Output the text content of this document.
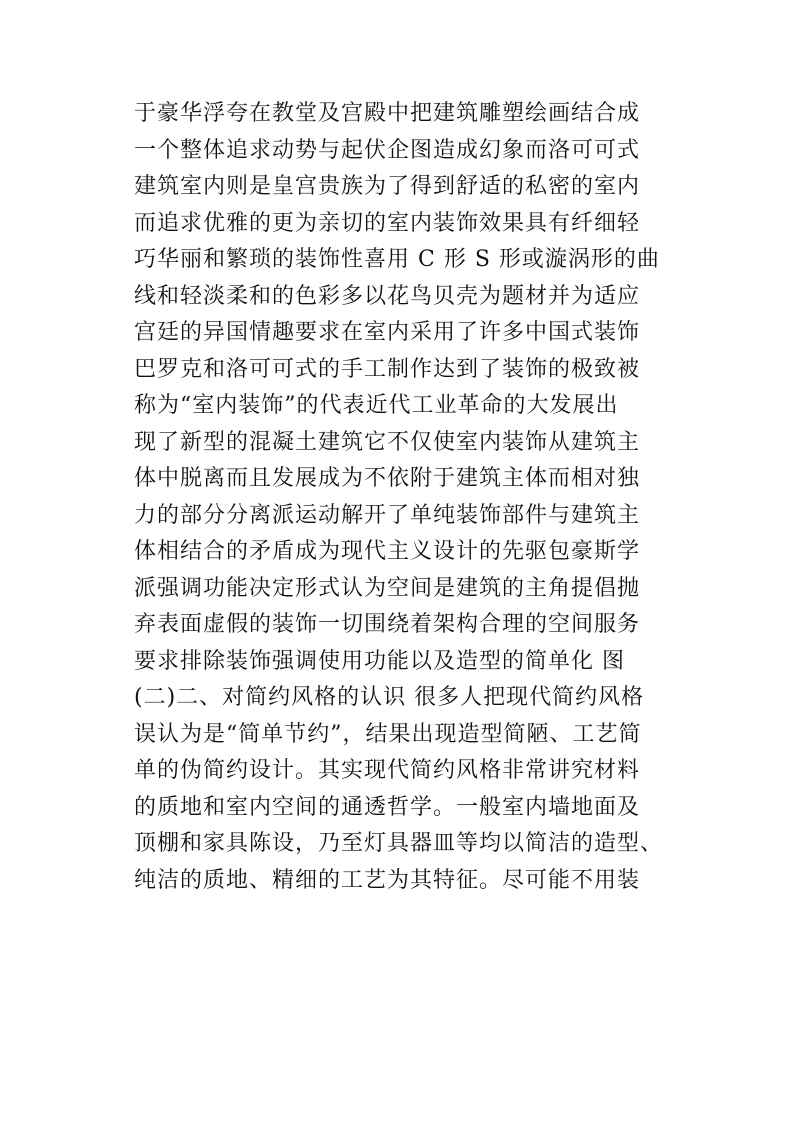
于豪华浮夸在教堂及宫殿中把建筑雕塑绘画结合成
一个整体追求动势与起伏企图造成幻象而洛可可式
建筑室内则是皇宫贵族为了得到舒适的私密的室内
而追求优雅的更为亲切的室内装饰效果具有纤细轻
巧华丽和繁琐的装饰性喜用 C 形 S 形或漩涡形的曲
线和轻淡柔和的色彩多以花鸟贝壳为题材并为适应
宫廷的异国情趣要求在室内采用了许多中国式装饰
巴罗克和洛可可式的手工制作达到了装饰的极致被
称为“室内装饰”的代表近代工业革命的大发展出
现了新型的混凝土建筑它不仅使室内装饰从建筑主
体中脱离而且发展成为不依附于建筑主体而相对独
力的部分分离派运动解开了单纯装饰部件与建筑主
体相结合的矛盾成为现代主义设计的先驱包豪斯学
派强调功能决定形式认为空间是建筑的主角提倡抛
弃表面虚假的装饰一切围绕着架构合理的空间服务
要求排除装饰强调使用功能以及造型的简单化 图
(二)二、对简约风格的认识 很多人把现代简约风格
误认为是“简单节约”，结果出现造型简陋、工艺简
单的伪简约设计。其实现代简约风格非常讲究材料
的质地和室内空间的通透哲学。一般室内墙地面及
顶棚和家具陈设，乃至灯具器皿等均以简洁的造型、
纯洁的质地、精细的工艺为其特征。尽可能不用装
